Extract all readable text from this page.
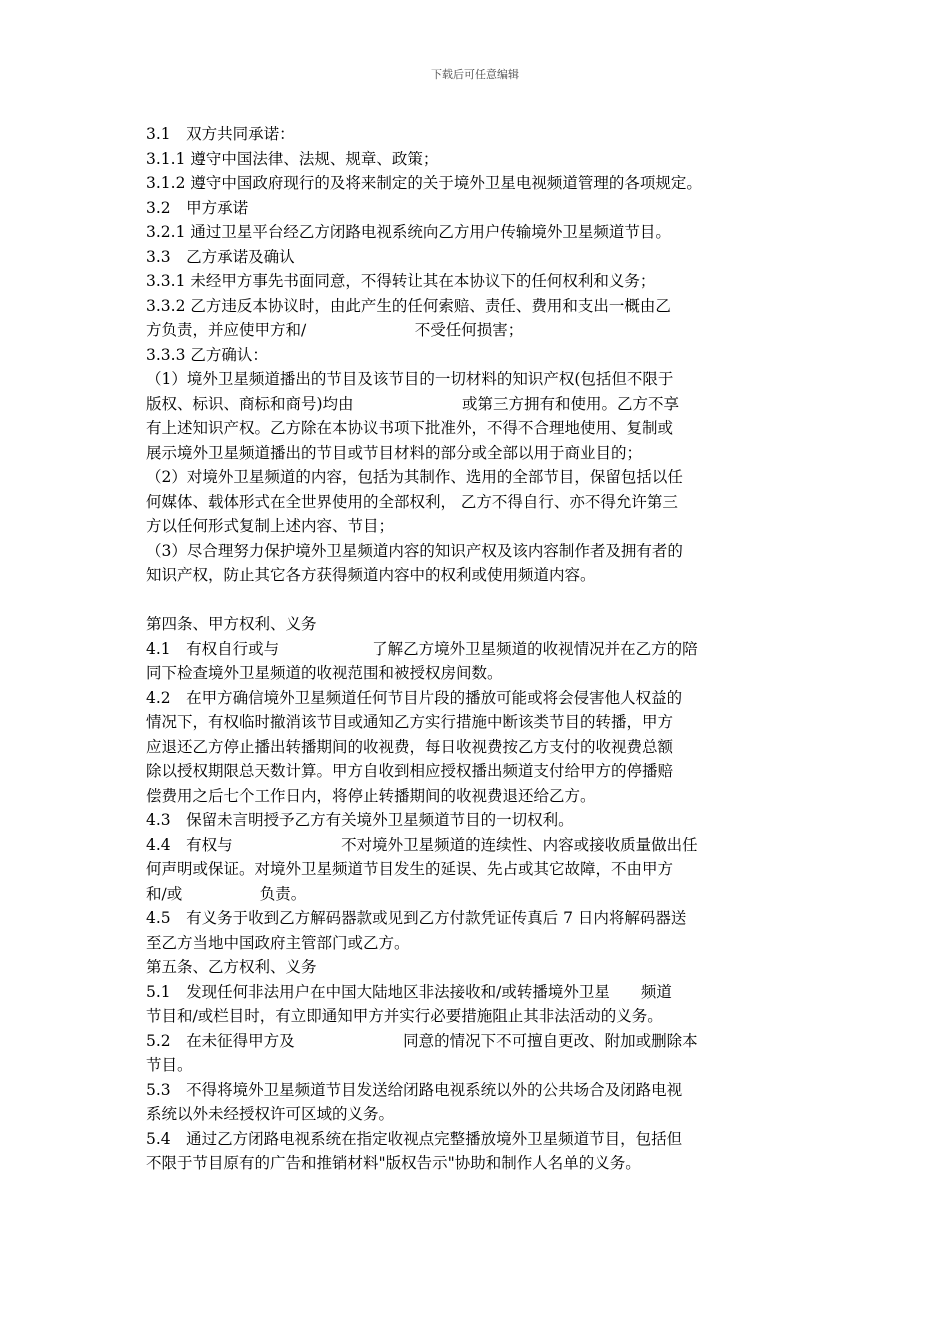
下载后可任意编辑
3.1　双方共同承诺：
3.1.1 遵守中国法律、法规、规章、政策；
3.1.2 遵守中国政府现行的及将来制定的关于境外卫星电视频道管理的各项规定。
3.2　甲方承诺
3.2.1 通过卫星平台经乙方闭路电视系统向乙方用户传输境外卫星频道节目。
3.3　乙方承诺及确认
3.3.1 未经甲方事先书面同意，不得转让其在本协议下的任何权利和义务；
3.3.2 乙方违反本协议时，由此产生的任何索赔、责任、费用和支出一概由乙
方负责，并应使甲方和∕　　　　　　　不受任何损害；
3.3.3 乙方确认：
（1）境外卫星频道播出的节目及该节目的一切材料的知识产权(包括但不限于
版权、标识、商标和商号)均由　　　　　　　或第三方拥有和使用。乙方不享
有上述知识产权。乙方除在本协议书项下批准外，不得不合理地使用、复制或
展示境外卫星频道播出的节目或节目材料的部分或全部以用于商业目的；
（2）对境外卫星频道的内容，包括为其制作、选用的全部节目，保留包括以任
何媒体、载体形式在全世界使用的全部权利， 乙方不得自行、亦不得允许第三
方以任何形式复制上述内容、节目；
（3）尽合理努力保护境外卫星频道内容的知识产权及该内容制作者及拥有者的
知识产权，防止其它各方获得频道内容中的权利或使用频道内容。
第四条、甲方权利、义务
4.1　有权自行或与　　　　　　了解乙方境外卫星频道的收视情况并在乙方的陪
同下检查境外卫星频道的收视范围和被授权房间数。
4.2　在甲方确信境外卫星频道任何节目片段的播放可能或将会侵害他人权益的
情况下，有权临时撤消该节目或通知乙方实行措施中断该类节目的转播，甲方
应退还乙方停止播出转播期间的收视费，每日收视费按乙方支付的收视费总额
除以授权期限总天数计算。甲方自收到相应授权播出频道支付给甲方的停播赔
偿费用之后七个工作日内，将停止转播期间的收视费退还给乙方。
4.3　保留未言明授予乙方有关境外卫星频道节目的一切权利。
4.4　有权与　　　　　　　不对境外卫星频道的连续性、内容或接收质量做出任
何声明或保证。对境外卫星频道节目发生的延误、先占或其它故障，不由甲方
和∕或　　　　　负责。
4.5　有义务于收到乙方解码器款或见到乙方付款凭证传真后 7 日内将解码器送
至乙方当地中国政府主管部门或乙方。
第五条、乙方权利、义务
5.1　发现任何非法用户在中国大陆地区非法接收和∕或转播境外卫星　　频道
节目和∕或栏目时，有立即通知甲方并实行必要措施阻止其非法活动的义务。
5.2　在未征得甲方及　　　　　　　同意的情况下不可擅自更改、附加或删除本
节目。
5.3　不得将境外卫星频道节目发送给闭路电视系统以外的公共场合及闭路电视
系统以外未经授权许可区域的义务。
5.4　通过乙方闭路电视系统在指定收视点完整播放境外卫星频道节目，包括但
不限于节目原有的广告和推销材料"版权告示"协助和制作人名单的义务。
